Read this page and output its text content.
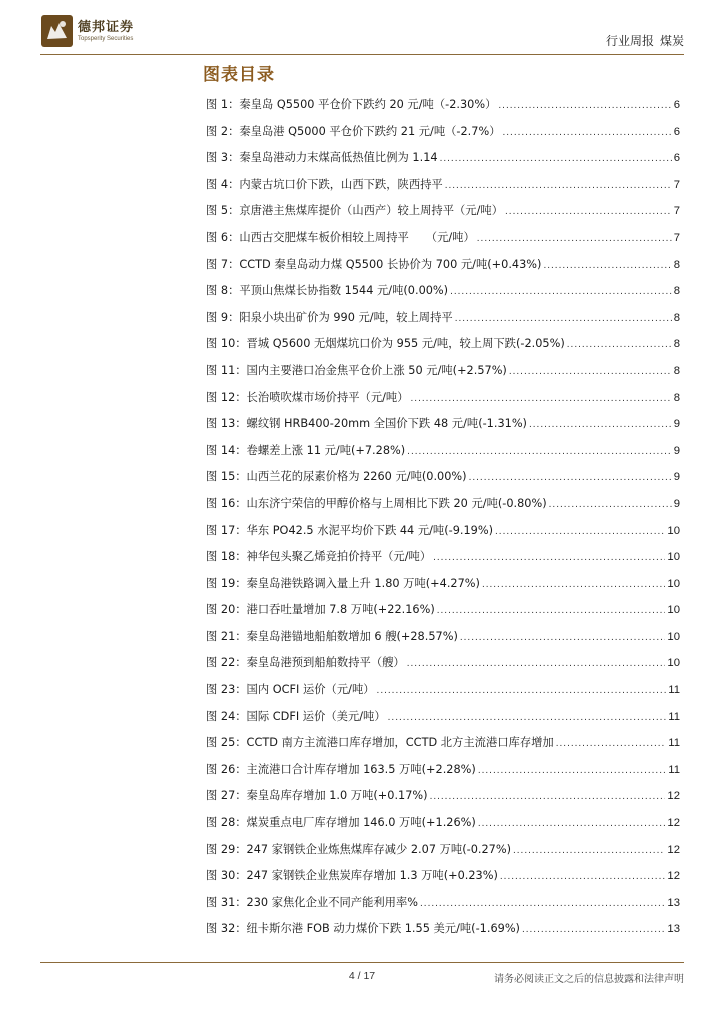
德邦证券
Topsperity Securities	行业周报 煤炭
图表目录
图 1：秦皇岛 Q5500 平仓价下跌约 20 元/吨（-2.30%） .....	6
图 2：秦皇岛港 Q5000 平仓价下跌约 21 元/吨（-2.7%） .....	6
图 3：秦皇岛港动力末煤高低热值比例为 1.14 .....	6
图 4：内蒙古坑口价下跌，山西下跌，陕西持平 .....	7
图 5：京唐港主焦煤库提价（山西产）较上周持平（元/吨） .....	7
图 6：山西古交肥煤车板价相较上周持平　　（元/吨） .....	7
图 7：CCTD 秦皇岛动力煤 Q5500 长协价为 700 元/吨(+0.43%) .....	8
图 8：平顶山焦煤长协指数 1544 元/吨(0.00%) .....	8
图 9：阳泉小块出矿价为 990 元/吨，较上周持平 .....	8
图 10：晋城 Q5600 无烟煤坑口价为 955 元/吨，较上周下跌(-2.05%) .....	8
图 11：国内主要港口冶金焦平仓价上涨 50 元/吨(+2.57%) .....	8
图 12：长治喷吹煤市场价持平（元/吨） .....	8
图 13：螺纹钢 HRB400-20mm 全国价下跌 48 元/吨(-1.31%) .....	9
图 14：卷螺差上涨 11 元/吨(+7.28%) .....	9
图 15：山西兰花的尿素价格为 2260 元/吨(0.00%) .....	9
图 16：山东济宁荣信的甲醇价格与上周相比下跌 20 元/吨(-0.80%) .....	9
图 17：华东 PO42.5 水泥平均价下跌 44 元/吨(-9.19%) .....	10
图 18：神华包头聚乙烯竞拍价持平（元/吨） .....	10
图 19：秦皇岛港铁路调入量上升 1.80 万吨(+4.27%) .....	10
图 20：港口吞吐量增加 7.8 万吨(+22.16%) .....	10
图 21：秦皇岛港锚地船舶数增加 6 艘(+28.57%) .....	10
图 22：秦皇岛港预到船舶数持平（艘） .....	10
图 23：国内 OCFI 运价（元/吨） .....	11
图 24：国际 CDFI 运价（美元/吨） .....	11
图 25：CCTD 南方主流港口库存增加，CCTD 北方主流港口库存增加 .....	11
图 26：主流港口合计库存增加 163.5 万吨(+2.28%) .....	11
图 27：秦皇岛库存增加 1.0 万吨(+0.17%) .....	12
图 28：煤炭重点电厂库存增加 146.0 万吨(+1.26%) .....	12
图 29：247 家钢铁企业炼焦煤库存减少 2.07 万吨(-0.27%) .....	12
图 30：247 家钢铁企业焦炭库存增加 1.3 万吨(+0.23%) .....	12
图 31：230 家焦化企业不同产能利用率% .....	13
图 32：纽卡斯尔港 FOB 动力煤价下跌 1.55 美元/吨(-1.69%) .....	13
4 / 17	请务必阅读正文之后的信息披露和法律声明
